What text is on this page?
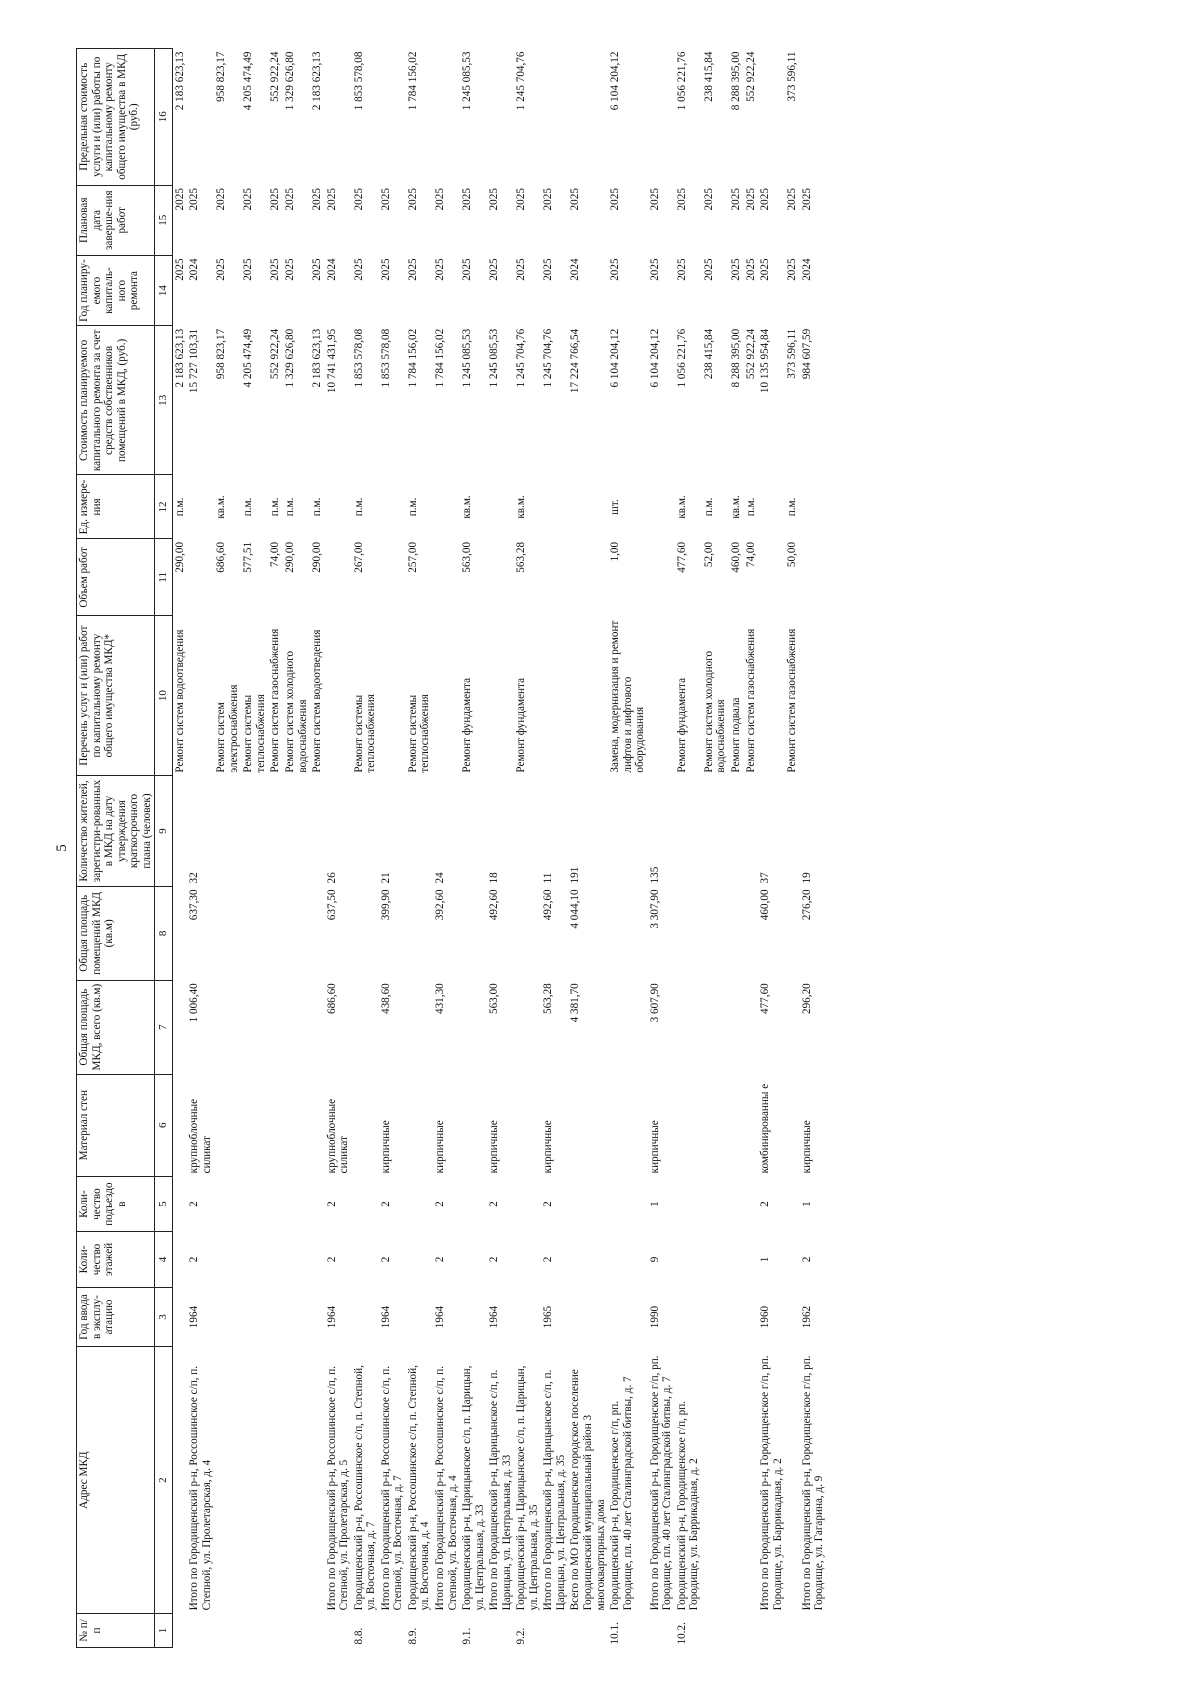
5
№ п/п	Адрес МКД	Год ввода в эксплу-атацию	Коли-чество этажей	Коли-чество подъездо в	Материал стен	Общая площадь МКД, всего (кв.м)	Общая площадь помещений МКД (кв.м)	Количество жителей, зарегистри-рованных в МКД на дату утверждения краткосрочного плана (человек)	Перечень услуг и (или) работ по капитальному ремонту общего имущества МКД*	Объем работ	Ед. измере-ния	Стоимость планируемого капитального ремонта за счет средств собственников помещений в МКД, (руб.)	Год планиру-емого капиталь-ного ремонта	Плановая дата заверше-ния работ	Предельная стоимость услуги и (или) работы по капитальному ремонту общего имущества в МКД (руб.)
1	2	3	4	5	6	7	8	9	10	11	12	13	14	15	16
									Ремонт систем водоотведения	290,00	п.м.	2 183 623,13	2025	2025	2 183 623,13
	Итого по Городищенский р-н, Россошинское с/п, п. Степной, ул. Пролетарская, д. 4	1964	2	2	крупноблочные силикат	1 006,40	637,30	32				15 727 103,31	2024	2025	
									Ремонт систем электроснабжения	686,60	кв.м.	958 823,17	2025	2025	958 823,17
									Ремонт системы теплоснабжения	577,51	п.м.	4 205 474,49	2025	2025	4 205 474,49
									Ремонт систем газоснабжения	74,00	п.м.	552 922,24	2025	2025	552 922,24
									Ремонт систем холодного водоснабжения	290,00	п.м.	1 329 626,80	2025	2025	1 329 626,80
									Ремонт систем водоотведения	290,00	п.м.	2 183 623,13	2025	2025	2 183 623,13
	Итого по Городищенский р-н, Россошинское с/п, п. Степной, ул. Пролетарская, д. 5	1964	2	2	крупноблочные силикат	686,60	637,50	26				10 741 431,95	2024	2025	
8.8.	Городищенский р-н, Россошинское с/п, п. Степной, ул. Восточная, д. 7								Ремонт системы теплоснабжения	267,00	п.м.	1 853 578,08	2025	2025	1 853 578,08
	Итого по Городищенский р-н, Россошинское с/п, п. Степной, ул. Восточная, д. 7	1964	2	2	кирпичные	438,60	399,90	21				1 853 578,08	2025	2025	
8.9.	Городищенский р-н, Россошинское с/п, п. Степной, ул. Восточная, д. 4								Ремонт системы теплоснабжения	257,00	п.м.	1 784 156,02	2025	2025	1 784 156,02
	Итого по Городищенский р-н, Россошинское с/п, п. Степной, ул. Восточная, д. 4	1964	2	2	кирпичные	431,30	392,60	24				1 784 156,02	2025	2025	
9.1.	Городищенский р-н, Царицынское с/п, п. Царицын, ул. Центральная, д. 33								Ремонт фундамента	563,00	кв.м.	1 245 085,53	2025	2025	1 245 085,53
	Итого по Городищенский р-н, Царицынское с/п, п. Царицын, ул. Центральная, д. 33	1964	2	2	кирпичные	563,00	492,60	18				1 245 085,53	2025	2025	
9.2.	Городищенский р-н, Царицынское с/п, п. Царицын, ул. Центральная, д. 35								Ремонт фундамента	563,28	кв.м.	1 245 704,76	2025	2025	1 245 704,76
	Итого по Городищенский р-н, Царицынское с/п, п. Царицын, ул. Центральная, д. 35	1965	2	2	кирпичные	563,28	492,60	11				1 245 704,76	2025	2025	
	Всего по МО Городищенское городское поселение Городищенский муниципальный район 3 многоквартирных дома					4 381,70	4 044,10	191				17 224 766,54	2024	2025	
10.1.	Городищенский р-н, Городищенское г/п, рп. Городище, пл. 40 лет Сталинградской битвы, д. 7								Замена, модернизация и ремонт лифтов и лифтового оборудования	1,00	шт.	6 104 204,12	2025	2025	6 104 204,12
	Итого по Городищенский р-н, Городищенское г/п, рп. Городище, пл. 40 лет Сталинградской битвы, д. 7	1990	9	1	кирпичные	3 607,90	3 307,90	135				6 104 204,12	2025	2025	
10.2.	Городищенский р-н, Городищенское г/п, рп. Городище, ул. Баррикадная, д. 2								Ремонт фундамента	477,60	кв.м.	1 056 221,76	2025	2025	1 056 221,76
									Ремонт систем холодного водоснабжения	52,00	п.м.	238 415,84	2025	2025	238 415,84
									Ремонт подвала	460,00	кв.м.	8 288 395,00	2025	2025	8 288 395,00
									Ремонт систем газоснабжения	74,00	п.м.	552 922,24	2025	2025	552 922,24
	Итого по Городищенский р-н, Городищенское г/п, рп. Городище, ул. Баррикадная, д. 2	1960	1	2	комбинированны е	477,60	460,00	37				10 135 954,84	2025	2025	
									Ремонт систем газоснабжения	50,00	п.м.	373 596,11	2025	2025	373 596,11
	Итого по Городищенский р-н, Городищенское г/п, рп. Городище, ул. Гагарина, д. 9	1962	2	1	кирпичные	296,20	276,20	19				984 607,59	2024	2025	
